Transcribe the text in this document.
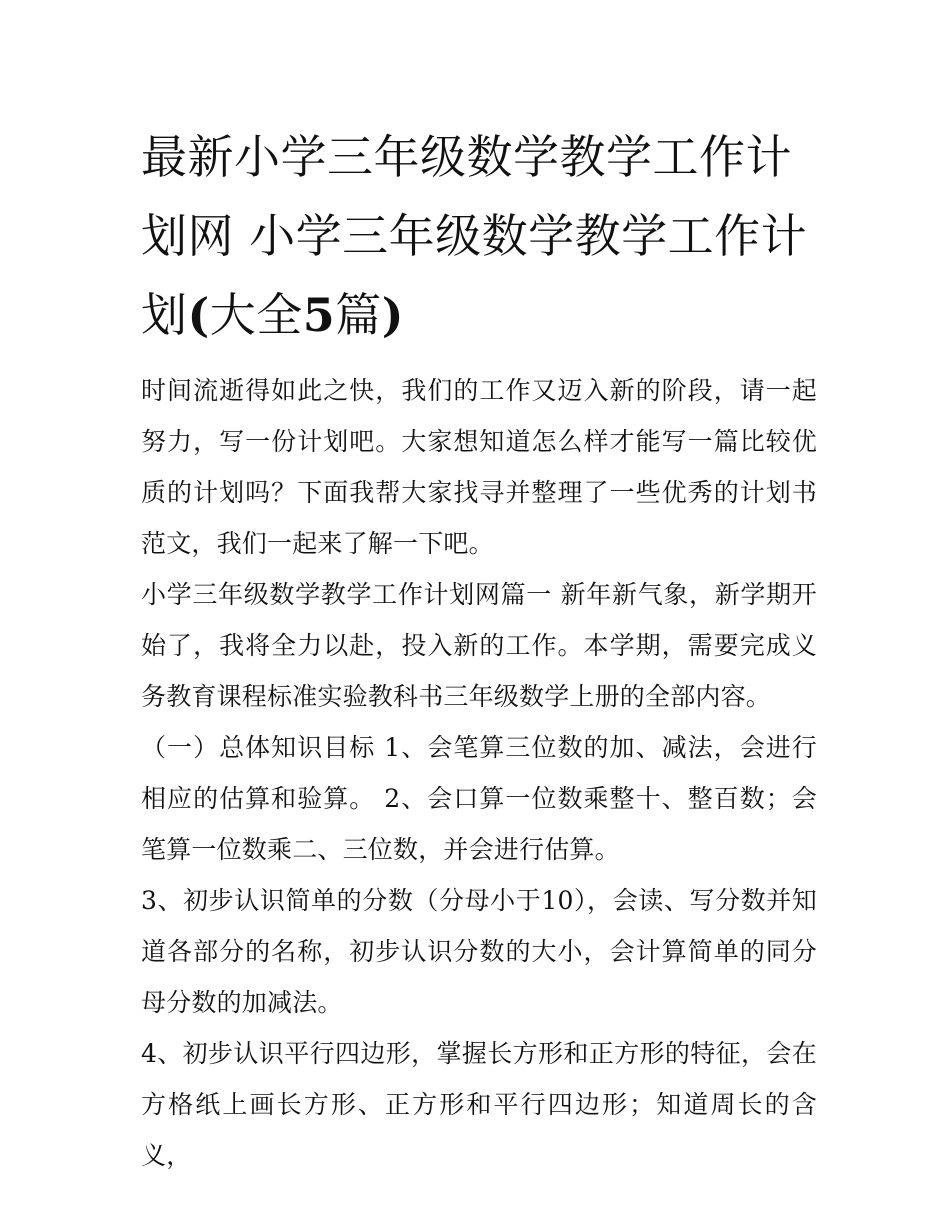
最新小学三年级数学教学工作计划网 小学三年级数学教学工作计划(大全5篇)

时间流逝得如此之快，我们的工作又迈入新的阶段，请一起努力，写一份计划吧。大家想知道怎么样才能写一篇比较优质的计划吗？下面我帮大家找寻并整理了一些优秀的计划书范文，我们一起来了解一下吧。

小学三年级数学教学工作计划网篇一 新年新气象，新学期开始了，我将全力以赴，投入新的工作。本学期，需要完成义务教育课程标准实验教科书三年级数学上册的全部内容。

（一）总体知识目标 1、会笔算三位数的加、减法，会进行相应的估算和验算。 2、会口算一位数乘整十、整百数；会笔算一位数乘二、三位数，并会进行估算。

3、初步认识简单的分数（分母小于10），会读、写分数并知道各部分的名称，初步认识分数的大小，会计算简单的同分母分数的加减法。

4、初步认识平行四边形，掌握长方形和正方形的特征，会在方格纸上画长方形、正方形和平行四边形；知道周长的含义，
